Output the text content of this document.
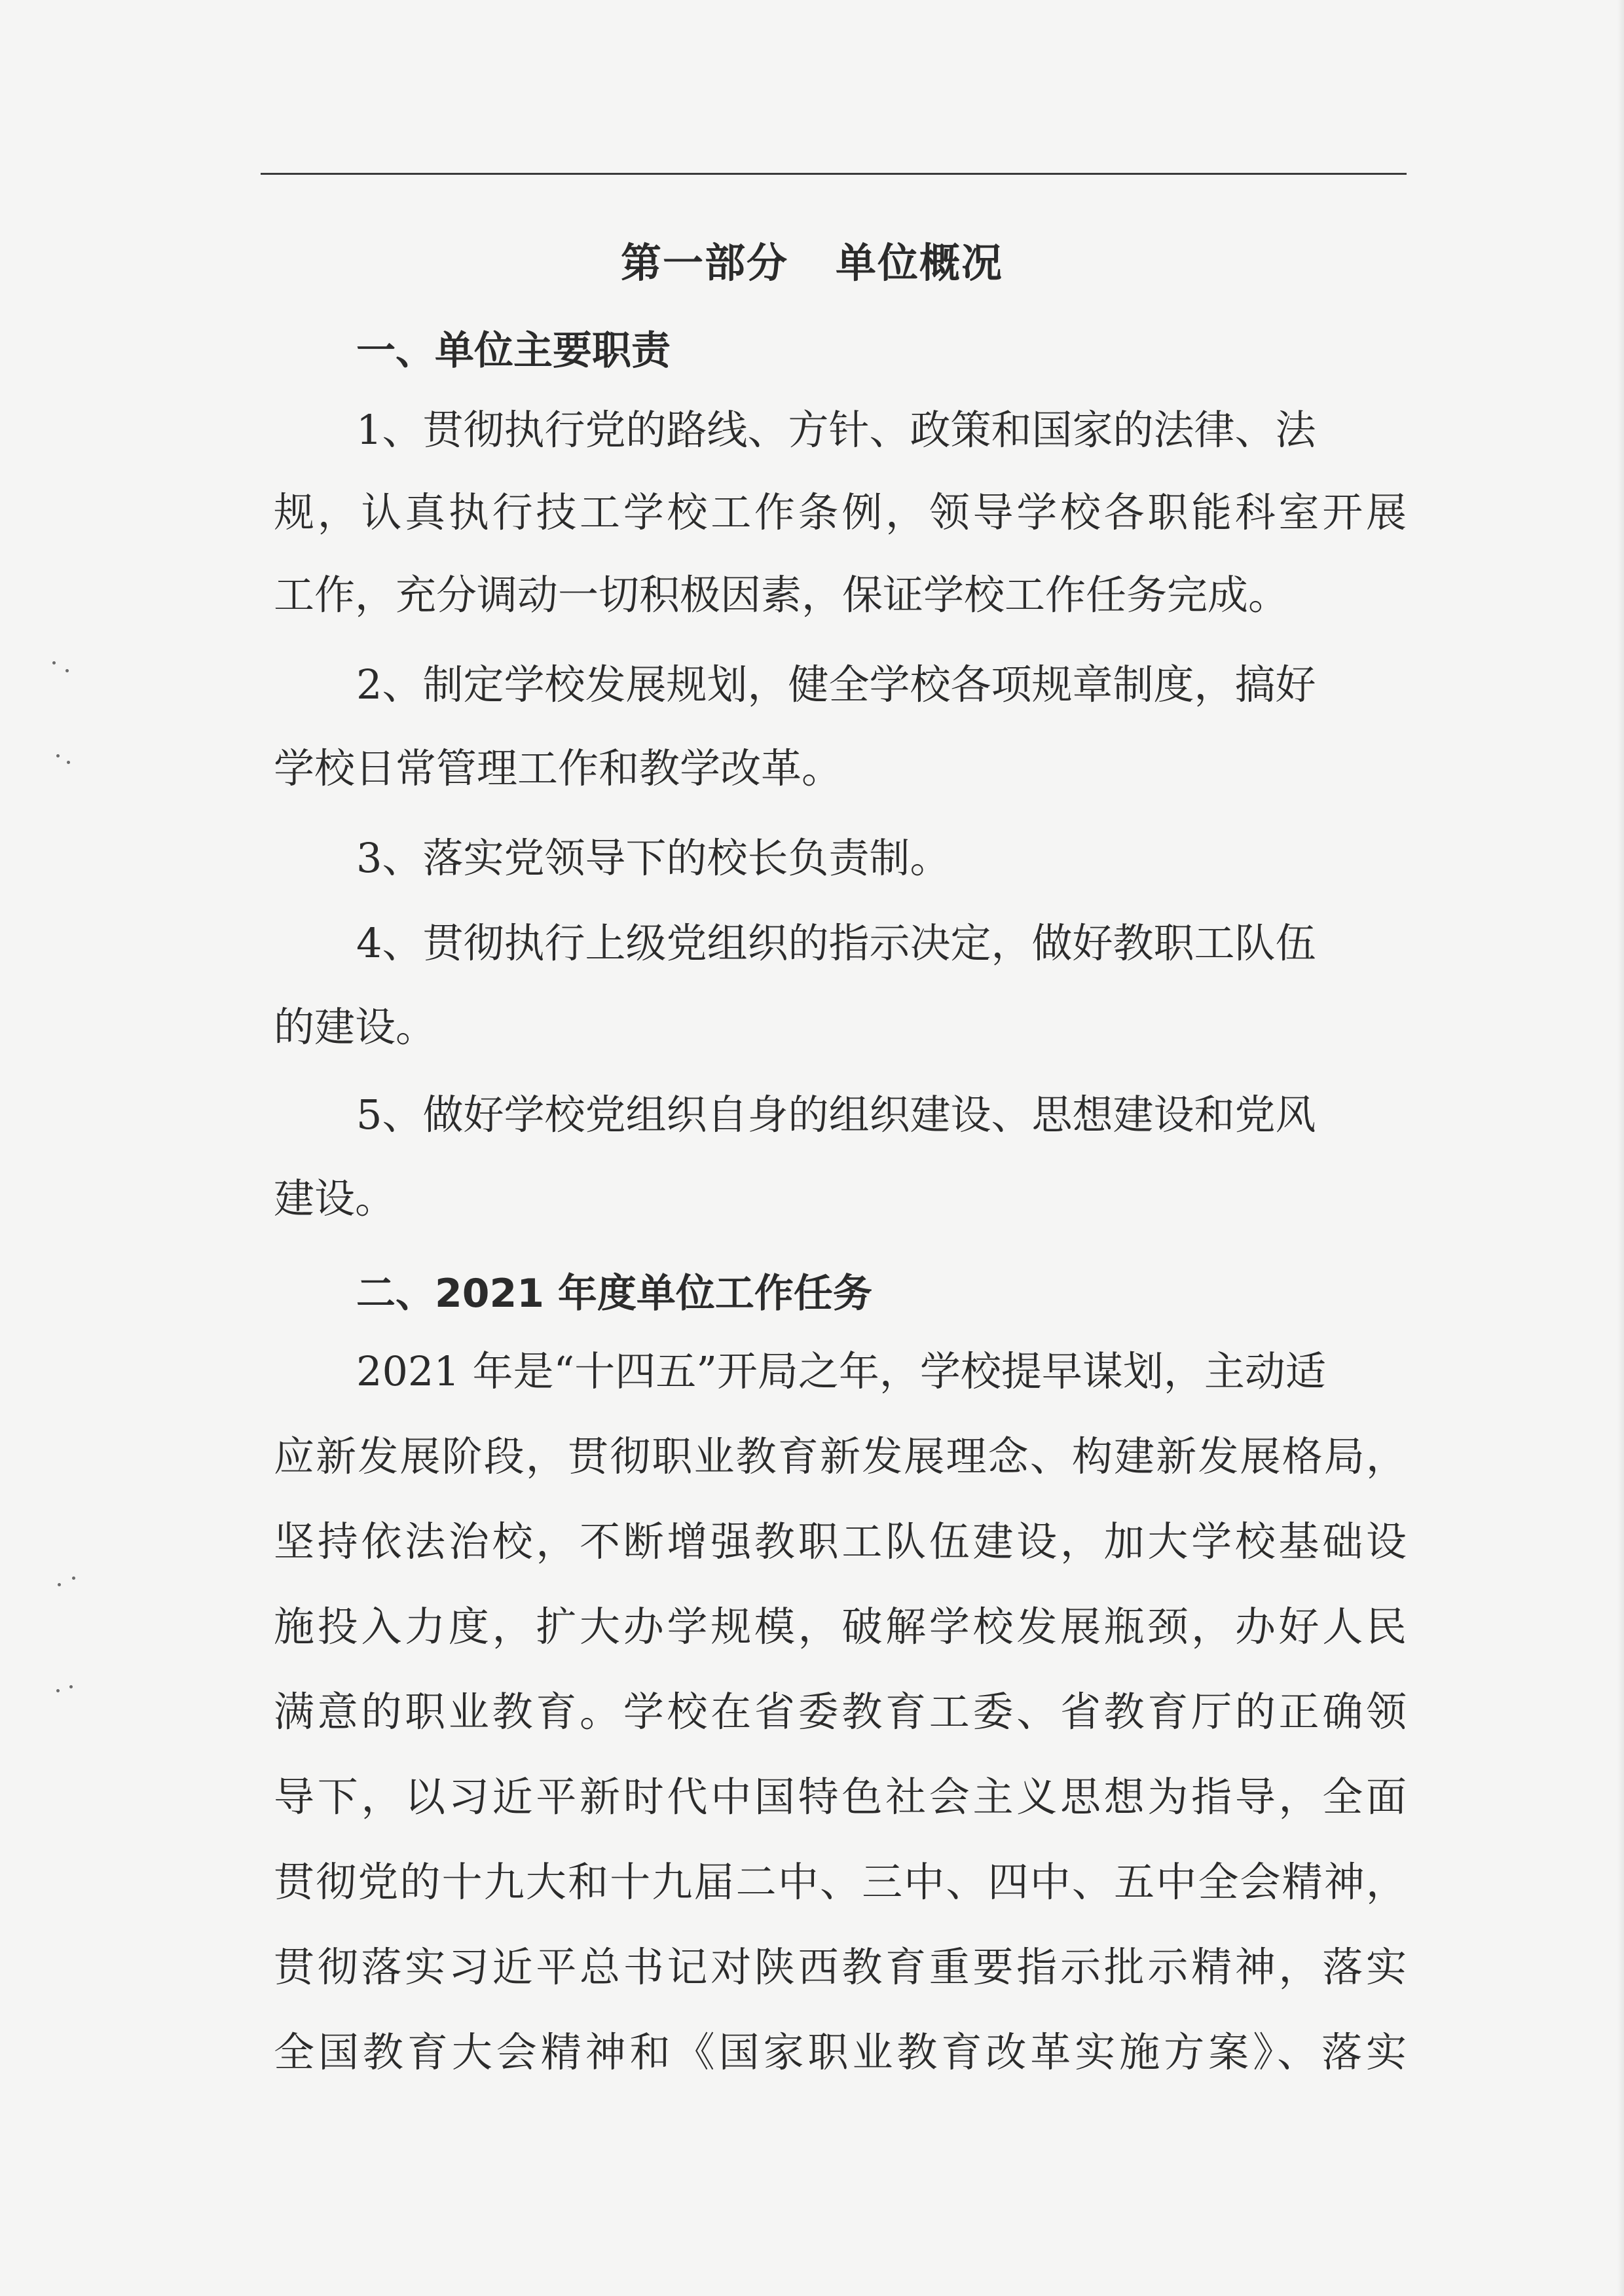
第一部分 单位概况
一、单位主要职责

1、贯彻执行党的路线、方针、政策和国家的法律、法

规，认真执行技工学校工作条例，领导学校各职能科室开展

工作，充分调动一切积极因素，保证学校工作任务完成。

2、制定学校发展规划，健全学校各项规章制度，搞好

学校日常管理工作和教学改革。

3、落实党领导下的校长负责制。

4、贯彻执行上级党组织的指示决定，做好教职工队伍

的建设。

5、做好学校党组织自身的组织建设、思想建设和党风

建设。

二、2021 年度单位工作任务

2021 年是“十四五”开局之年，学校提早谋划，主动适

应新发展阶段，贯彻职业教育新发展理念、构建新发展格局，

坚持依法治校，不断增强教职工队伍建设，加大学校基础设

施投入力度，扩大办学规模，破解学校发展瓶颈，办好人民

满意的职业教育。学校在省委教育工委、省教育厅的正确领

导下，以习近平新时代中国特色社会主义思想为指导，全面

贯彻党的十九大和十九届二中、三中、四中、五中全会精神，

贯彻落实习近平总书记对陕西教育重要指示批示精神，落实

全国教育大会精神和《国家职业教育改革实施方案》、落实
